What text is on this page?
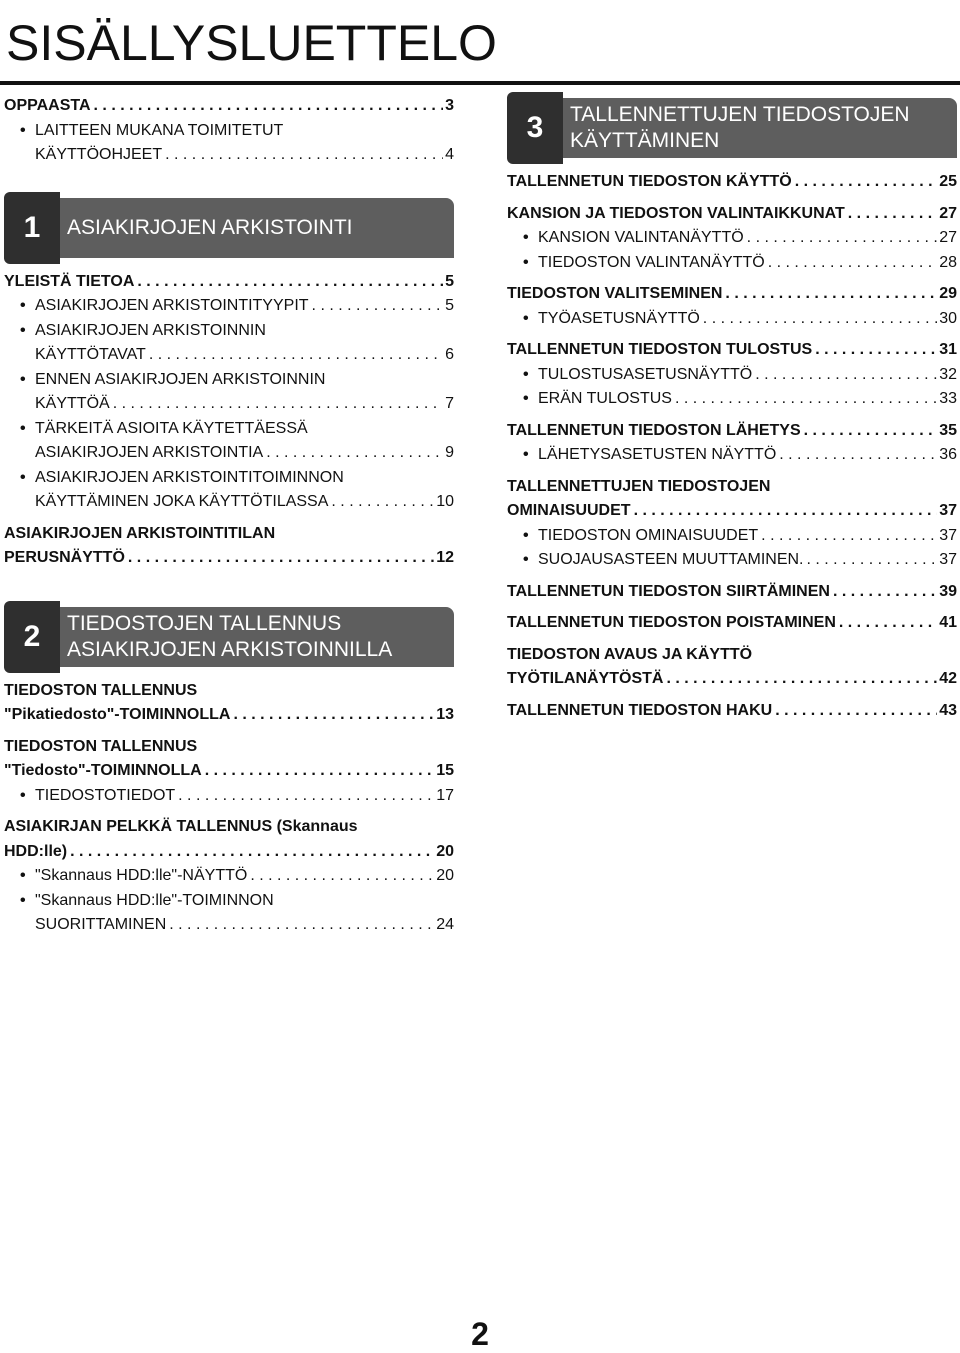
SISÄLLYSLUETTELO
OPPAASTA . . .	3
• LAITTEEN MUKANA TOIMITETUT
KÄYTTÖOHJEET . . .	4
1	ASIAKIRJOJEN ARKISTOINTI
YLEISTÄ TIETOA . . .	5
• ASIAKIRJOJEN ARKISTOINTITYYPIT . . .	5
• ASIAKIRJOJEN ARKISTOINNIN
KÄYTTÖTAVAT . . .	6
• ENNEN ASIAKIRJOJEN ARKISTOINNIN
KÄYTTÖÄ . . .	7
• TÄRKEITÄ ASIOITA KÄYTETTÄESSÄ
ASIAKIRJOJEN ARKISTOINTIA . . .	9
• ASIAKIRJOJEN ARKISTOINTITOIMINNON
KÄYTTÄMINEN JOKA KÄYTTÖTILASSA . . .	10
ASIAKIRJOJEN ARKISTOINTITILAN
PERUSNÄYTTÖ . . .	12
2	TIEDOSTOJEN TALLENNUS
ASIAKIRJOJEN ARKISTOINNILLA
TIEDOSTON TALLENNUS
"Pikatiedosto"-TOIMINNOLLA . . .	13
TIEDOSTON TALLENNUS
"Tiedosto"-TOIMINNOLLA . . .	15
• TIEDOSTOTIEDOT . . .	17
ASIAKIRJAN PELKKÄ TALLENNUS (Skannaus
HDD:lle) . . .	20
• "Skannaus HDD:lle"-NÄYTTÖ . . .	20
• "Skannaus HDD:lle"-TOIMINNON
SUORITTAMINEN . . .	24
3	TALLENNETTUJEN TIEDOSTOJEN
KÄYTTÄMINEN
TALLENNETUN TIEDOSTON KÄYTTÖ . . .	25
KANSION JA TIEDOSTON VALINTAIKKUNAT . . .	27
• KANSION VALINTANÄYTTÖ . . .	27
• TIEDOSTON VALINTANÄYTTÖ . . .	28
TIEDOSTON VALITSEMINEN . . .	29
• TYÖASETUSNÄYTTÖ . . .	30
TALLENNETUN TIEDOSTON TULOSTUS . . .	31
• TULOSTUSASETUSNÄYTTÖ . . .	32
• ERÄN TULOSTUS . . .	33
TALLENNETUN TIEDOSTON LÄHETYS . . .	35
• LÄHETYSASETUSTEN NÄYTTÖ . . .	36
TALLENNETTUJEN TIEDOSTOJEN
OMINAISUUDET . . .	37
• TIEDOSTON OMINAISUUDET . . .	37
• SUOJAUSASTEEN MUUTTAMINEN. . . .	37
TALLENNETUN TIEDOSTON SIIRTÄMINEN . . .	39
TALLENNETUN TIEDOSTON POISTAMINEN . . .	41
TIEDOSTON AVAUS JA KÄYTTÖ
TYÖTILANÄYTÖSTÄ . . .	42
TALLENNETUN TIEDOSTON HAKU . . .	43
2
